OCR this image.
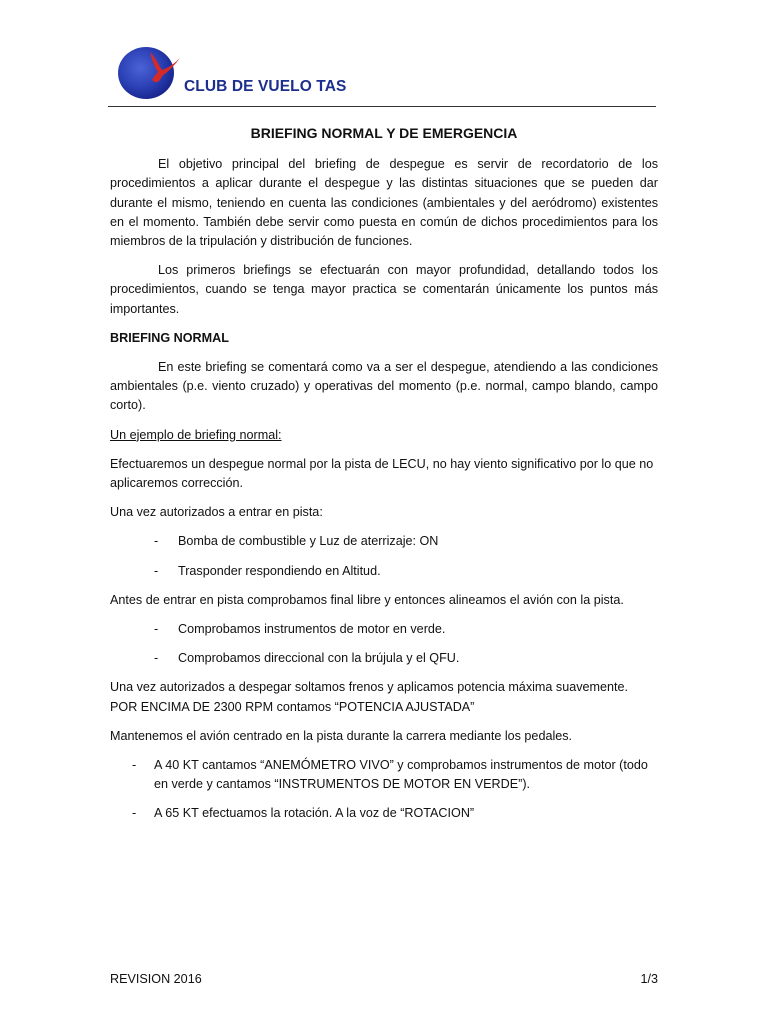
CLUB DE VUELO TAS
BRIEFING NORMAL Y DE EMERGENCIA

El objetivo principal del briefing de despegue es servir de recordatorio de los procedimientos a aplicar durante el despegue y las distintas situaciones que se pueden dar durante el mismo, teniendo en cuenta las condiciones (ambientales y del aeródromo) existentes en el momento. También debe servir como puesta en común de dichos procedimientos para los miembros de la tripulación y distribución de funciones.

Los primeros briefings se efectuarán con mayor profundidad, detallando todos los procedimientos, cuando se tenga mayor practica se comentarán únicamente los puntos más importantes.

BRIEFING NORMAL

En este briefing se comentará como va a ser el despegue, atendiendo a las condiciones ambientales (p.e. viento cruzado) y operativas del momento (p.e. normal, campo blando, campo corto).

Un ejemplo de briefing normal:

Efectuaremos un despegue normal por la pista de LECU, no hay viento significativo por lo que no aplicaremos corrección.

Una vez autorizados a entrar en pista:

- Bomba de combustible y Luz de aterrizaje: ON
- Trasponder respondiendo en Altitud.

Antes de entrar en pista comprobamos final libre y entonces alineamos el avión con la pista.

- Comprobamos instrumentos de motor en verde.
- Comprobamos direccional con la brújula y el QFU.

Una vez autorizados a despegar soltamos frenos y aplicamos potencia máxima suavemente.

POR ENCIMA DE 2300 RPM contamos “POTENCIA AJUSTADA”

Mantenemos el avión centrado en la pista durante la carrera mediante los pedales.

- A 40 KT cantamos “ANEMÓMETRO VIVO” y comprobamos instrumentos de motor (todo en verde y cantamos “INSTRUMENTOS DE MOTOR EN VERDE”).
- A 65 KT efectuamos la rotación. A la voz de “ROTACION”
REVISION 2016	1/3
